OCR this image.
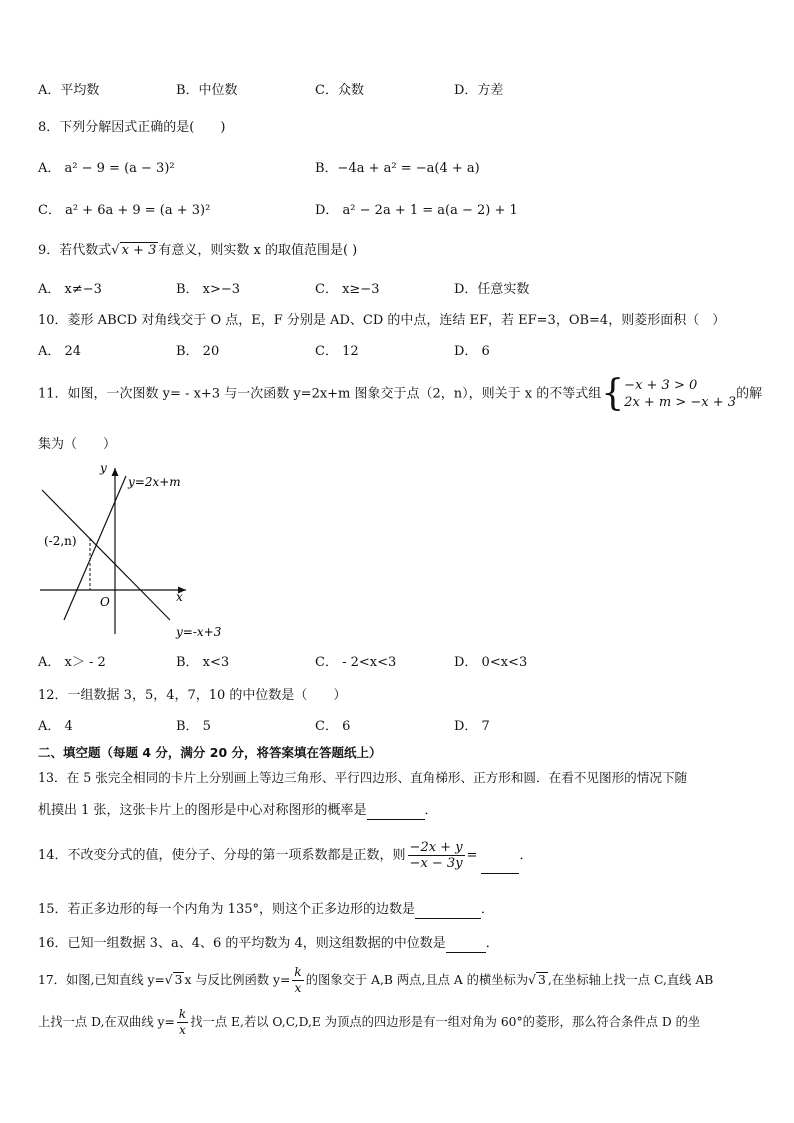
A．平均数	B．中位数	C．众数	D．方差
8．下列分解因式正确的是(　　)
A． a² − 9 = (a − 3)²	B．−4a + a² = −a(4 + a)
C． a² + 6a + 9 = (a + 3)²	D． a² − 2a + 1 = a(a − 2) + 1
9．若代数式√ x + 3 有意义，则实数 x 的取值范围是( )
A． x≠−3	B． x>−3	C． x≥−3	D．任意实数
10．菱形 ABCD 对角线交于 O 点，E，F 分别是 AD、CD 的中点，连结 EF，若 EF=3，OB=4，则菱形面积（　）
A． 24	B． 20	C． 12	D． 6
11．如图，一次图数 y= - x+3 与一次函数 y=2x+m 图象交于点（2，n），则关于 x 的不等式组{ −x + 3 > 0
2x + m > −x + 3
的解
集为（　　）
y=2x+m
y=-x+3
(-2,n)
x
y
O
A． x＞ - 2	B． x<3	C． - 2<x<3	D． 0<x<3
12．一组数据 3，5，4，7，10 的中位数是（　　）
A． 4	B． 5	C． 6	D． 7
二、填空题（每题 4 分，满分 20 分，将答案填在答题纸上）
13．在 5 张完全相同的卡片上分别画上等边三角形、平行四边形、直角梯形、正方形和圆．在看不见图形的情况下随
机摸出 1 张，这张卡片上的图形是中心对称图形的概率是	．
14．不改变分式的值，使分子、分母的第一项系数都是正数，则 $\frac{-2x + y}{-x - 3y}$ =	．
15．若正多边形的每一个内角为 135°，则这个正多边形的边数是	．
16．已知一组数据 3、a、4、6 的平均数为 4，则这组数据的中位数是	．
17．如图,已知直线 y=√ 3 x 与反比例函数 $y= \frac{k}{x}$ 的图象交于 A,B 两点,且点 A 的横坐标为√ 3 ,在坐标轴上找一点 C,直线 AB
上找一点 D,在双曲线 $y= \frac{k}{x}$ 找一点 E,若以 O,C,D,E 为顶点的四边形是有一组对角为 60°的菱形，那么符合条件点 D 的坐
